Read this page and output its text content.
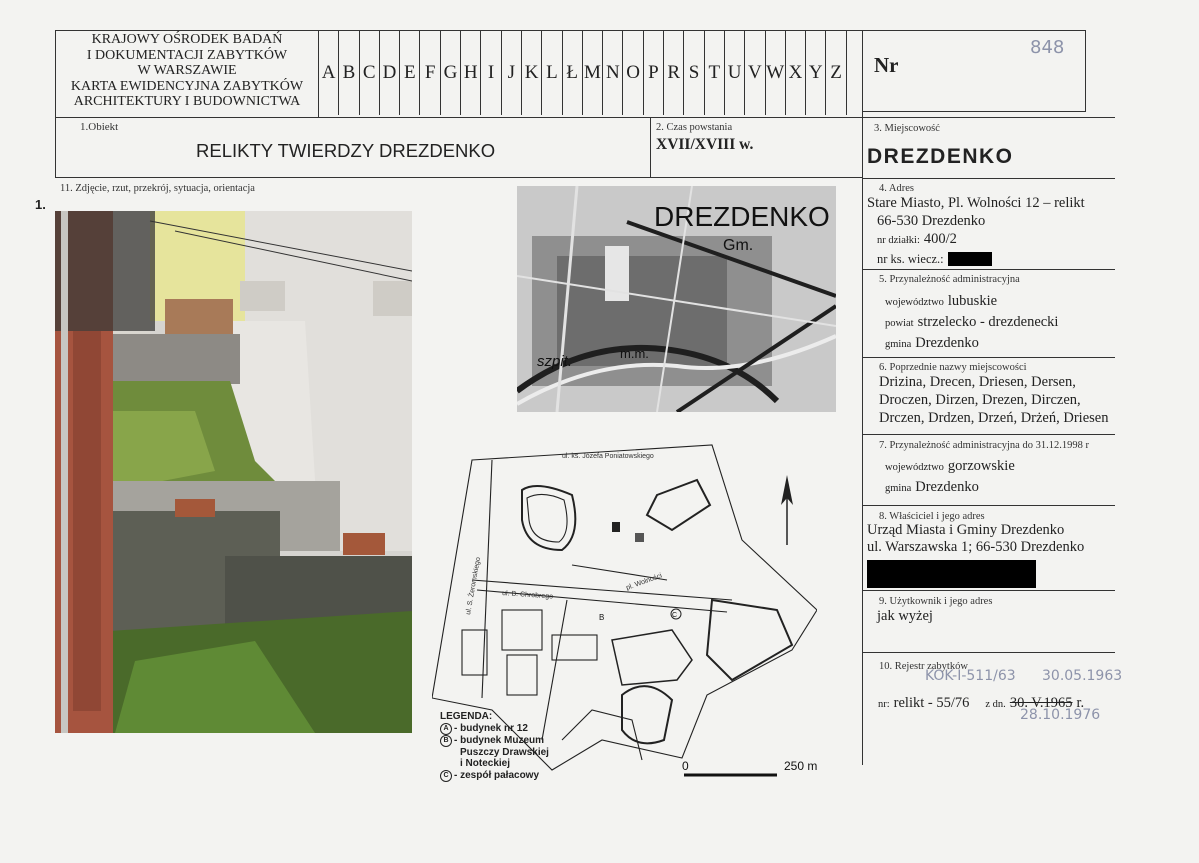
KRAJOWY OŚRODEK BADAŃ
I DOKUMENTACJI ZABYTKÓW
W WARSZAWIE
KARTA EWIDENCYJNA ZABYTKÓW
ARCHITEKTURY I BUDOWNICTWA
A B C D E F G H I J K L Ł M N O P R S T U V W X Y Z Nr
848
1.Obiekt
RELIKTY TWIERDZY DREZDENKO
2. Czas powstania
XVII/XVIII w.
3. Miejscowość
DREZDENKO
11. Zdjęcie, rzut, przekrój, sytuacja, orientacja
1.	DREZDENKO
Gm.
szpit.	m.m.
ul. ks. Józefa Poniatowskiego
ul. S. Żeromskiego	ul. B. Chrobrego
pl. Wolności
B	C
0	250 m
LEGENDA:
A - budynek nr 12
B - budynek Muzeum
Puszczy Drawskiej
i Noteckiej
C - zespół pałacowy
4. Adres
Stare Miasto, Pl. Wolności 12 – relikt
66-530 Drezdenko
nr działki: 400/2
nr ks. wiecz.:
5. Przynależność administracyjna
województwo lubuskie
powiat strzelecko - drezdenecki
gmina Drezdenko
6. Poprzednie nazwy miejscowości
Drizina, Drecen, Driesen, Dersen,
Droczen, Dirzen, Drezen, Dirczen,
Drczen, Drdzen, Drzeń, Drżeń, Driesen
7. Przynależność administracyjna do 31.12.1998 r
województwo gorzowskie
gmina Drezdenko
8. Właściciel i jego adres
Urząd Miasta i Gminy Drezdenko
ul. Warszawska 1; 66-530 Drezdenko
9. Użytkownik i jego adres
jak wyżej
10. Rejestr zabytków
KOK-I-511/63 30.05.1963
nr: relikt - 55/76 z dn. 30. V.1965 r.
28.10.1976
